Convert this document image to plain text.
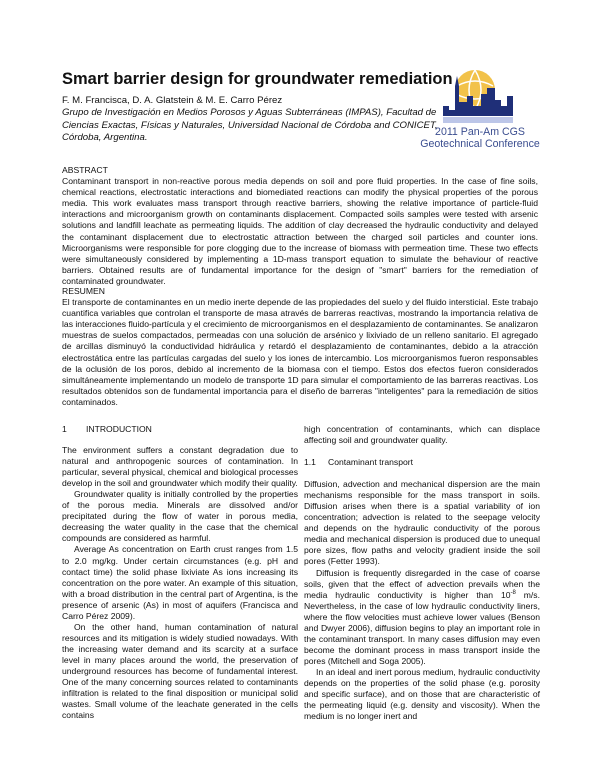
Smart barrier design for groundwater remediation
F. M. Francisca, D. A. Glatstein & M. E. Carro Pérez
Grupo de Investigación en Medios Porosos y Aguas Subterráneas (IMPAS), Facultad de Ciencias Exactas, Físicas y Naturales, Universidad Nacional de Córdoba and CONICET, Córdoba, Argentina.	2011 Pan-Am CGS
Geotechnical Conference
ABSTRACT

Contaminant transport in non-reactive porous media depends on soil and pore fluid properties. In the case of fine soils, chemical reactions, electrostatic interactions and biomediated reactions can modify the physical properties of the porous media. This work evaluates mass transport through reactive barriers, showing the relative importance of particle-fluid interactions and microorganism growth on contaminants displacement. Compacted soils samples were tested with arsenic solutions and landfill leachate as permeating liquids. The addition of clay decreased the hydraulic conductivity and delayed the contaminant displacement due to electrostatic attraction between the charged soil particles and counter ions. Microorganisms were responsible for pore clogging due to the increase of biomass with permeation time. These two effects were simultaneously considered by implementing a 1D-mass transport equation to simulate the behaviour of reactive barriers. Obtained results are of fundamental importance for the design of "smart" barriers for the remediation of contaminated groundwater.

RESUMEN

El transporte de contaminantes en un medio inerte depende de las propiedades del suelo y del fluido intersticial. Este trabajo cuantifica variables que controlan el transporte de masa através de barreras reactivas, mostrando la importancia relativa de las interacciones fluido-partícula y el crecimiento de microorganismos en el desplazamiento de contaminantes. Se analizaron muestras de suelos compactados, permeadas con una solución de arsénico y lixiviado de un relleno sanitario. El agregado de arcillas disminuyó la conductividad hidráulica y retardó el desplazamiento de contaminantes, debido a la atracción electrostática entre las partículas cargadas del suelo y los iones de intercambio. Los microorganismos fueron responsables de la oclusión de los poros, debido al incremento de la biomasa con el tiempo. Estos dos efectos fueron considerados simultáneamente implementando un modelo de transporte 1D para simular el comportamiento de las barreras reactivas. Los resultados obtenidos son de fundamental importancia para el diseño de barreras "inteligentes" para la remediación de sitios contaminados.

1 INTRODUCTION

The environment suffers a constant degradation due to natural and anthropogenic sources of contamination. In particular, several physical, chemical and biological processes develop in the soil and groundwater which modify their quality.

Groundwater quality is initially controlled by the properties of the porous media. Minerals are dissolved and/or precipitated during the flow of water in porous media, decreasing the water quality in the case that the chemical compounds are considered as harmful.

Average As concentration on Earth crust ranges from 1.5 to 2.0 mg/kg. Under certain circumstances (e.g. pH and contact time) the solid phase lixiviate As ions increasing its concentration on the pore water. An example of this situation, with a broad distribution in the central part of Argentina, is the presence of arsenic (As) in most of aquifers (Francisca and Carro Pérez 2009).

On the other hand, human contamination of natural resources and its mitigation is widely studied nowadays. With the increasing water demand and its scarcity at a surface level in many places around the world, the preservation of underground resources has become of fundamental interest. One of the many concerning sources related to contaminants infiltration is related to the final disposition or municipal solid wastes. Small volume of the leachate generated in the cells contains

high concentration of contaminants, which can displace affecting soil and groundwater quality.

1.1 Contaminant transport

Diffusion, advection and mechanical dispersion are the main mechanisms responsible for the mass transport in soils. Diffusion arises when there is a spatial variability of ion concentration; advection is related to the seepage velocity and depends on the hydraulic conductivity of the porous media and mechanical dispersion is produced due to unequal pore sizes, flow paths and velocity gradient inside the soil pores (Fetter 1993).

Diffusion is frequently disregarded in the case of coarse soils, given that the effect of advection prevails when the media hydraulic conductivity is higher than $10^{-8}$ m/s. Nevertheless, in the case of low hydraulic conductivity liners, where the flow velocities must achieve lower values (Benson and Dwyer 2006), diffusion begins to play an important role in the contaminant transport. In many cases diffusion may even become the dominant process in mass transport inside the pores (Mitchell and Soga 2005).

In an ideal and inert porous medium, hydraulic conductivity depends on the properties of the solid phase (e.g. porosity and specific surface), and on those that are characteristic of the permeating liquid (e.g. density and viscosity). When the medium is no longer inert and
